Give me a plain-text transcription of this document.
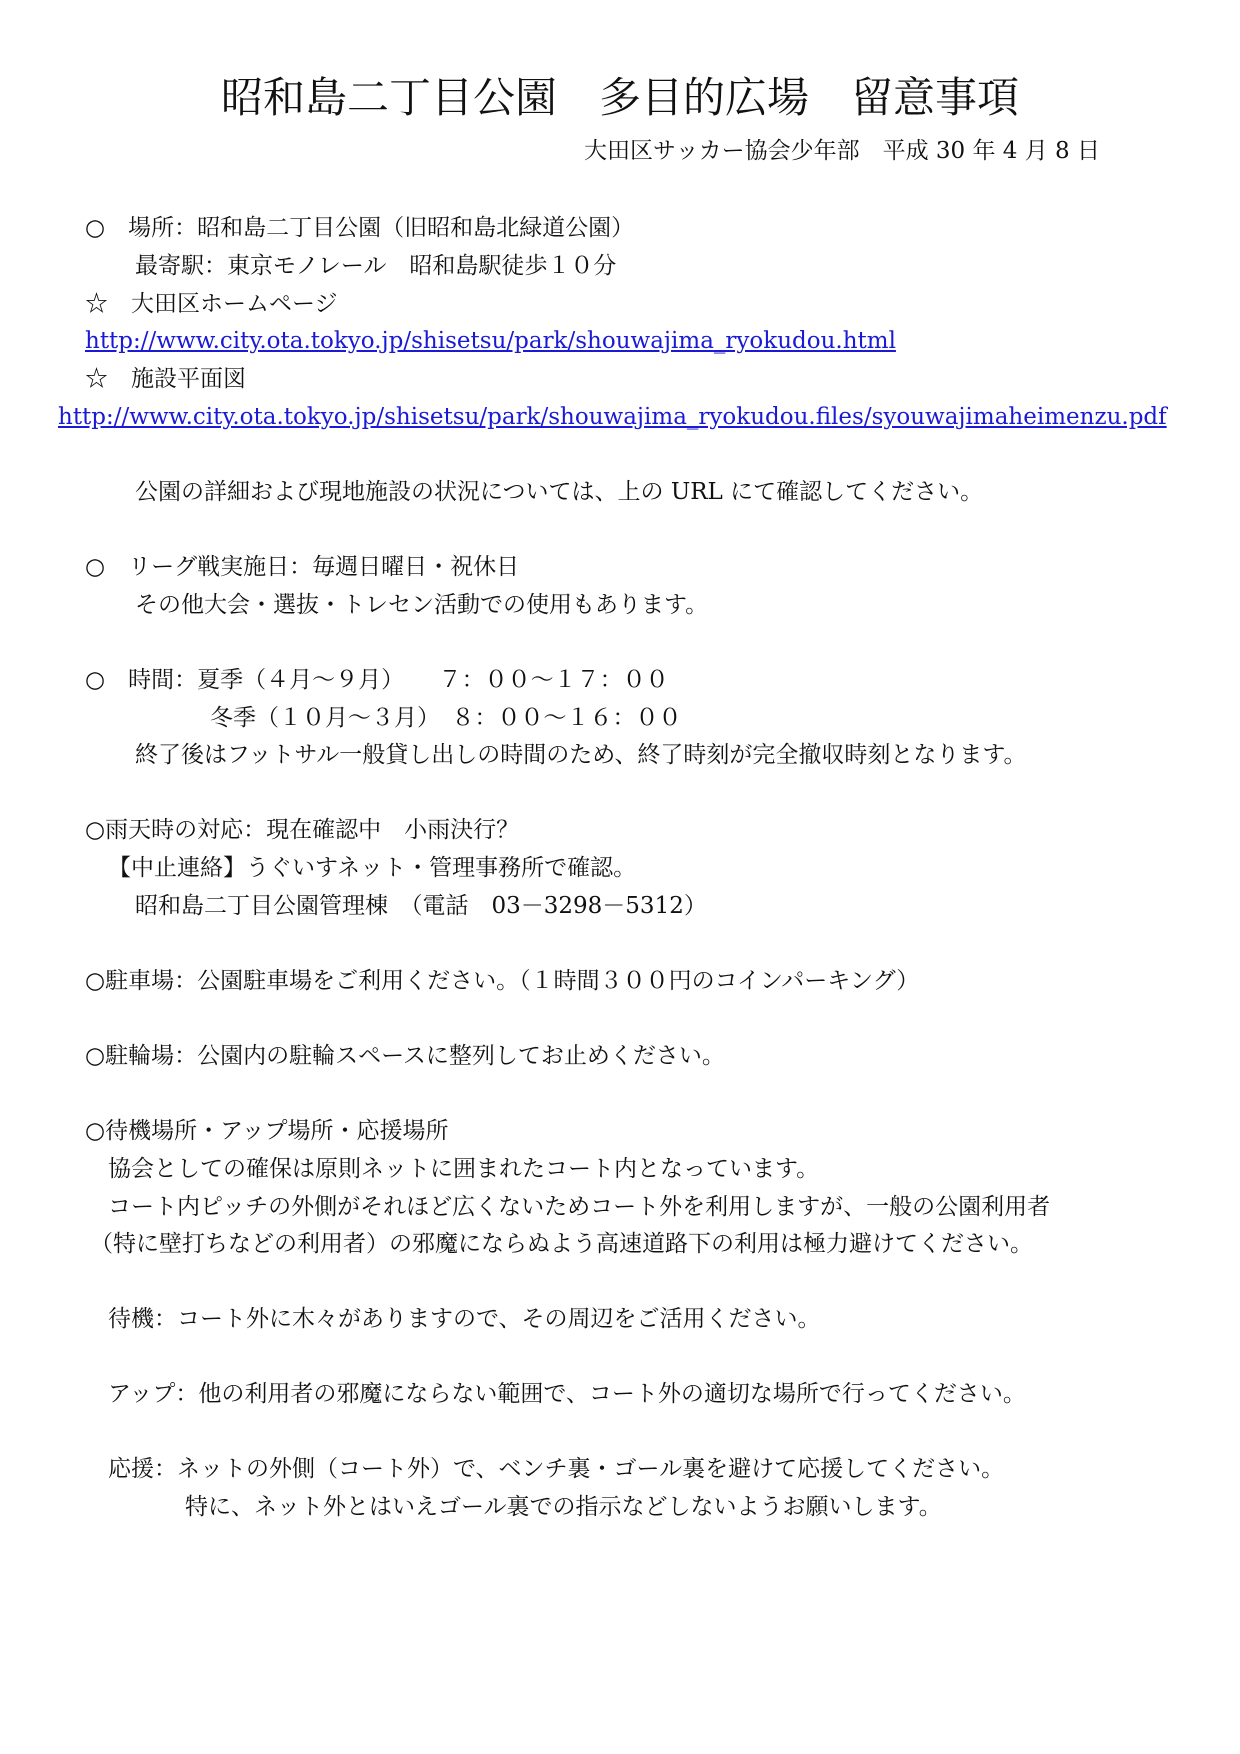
昭和島二丁目公園　多目的広場　留意事項
大田区サッカー協会少年部　平成 30 年 4 月 8 日
○　場所：昭和島二丁目公園（旧昭和島北緑道公園）
最寄駅：東京モノレール　昭和島駅徒歩１０分
☆　大田区ホームページ
http://www.city.ota.tokyo.jp/shisetsu/park/shouwajima_ryokudou.html
☆　施設平面図
http://www.city.ota.tokyo.jp/shisetsu/park/shouwajima_ryokudou.files/syouwajimaheimenzu.pdf
公園の詳細および現地施設の状況については、上の URL にて確認してください。
○　リーグ戦実施日：毎週日曜日・祝休日
その他大会・選抜・トレセン活動での使用もあります。
○　時間：夏季（４月～９月）　　７：００～１７：００
冬季（１０月～３月）　８：００～１６：００
終了後はフットサル一般貸し出しの時間のため、終了時刻が完全撤収時刻となります。
○雨天時の対応：現在確認中　小雨決行？
【中止連絡】うぐいすネット・管理事務所で確認。
昭和島二丁目公園管理棟　（電話　03－3298－5312）
○駐車場：公園駐車場をご利用ください。（１時間３００円のコインパーキング）
○駐輪場：公園内の駐輪スペースに整列してお止めください。
○待機場所・アップ場所・応援場所
協会としての確保は原則ネットに囲まれたコート内となっています。
コート内ピッチの外側がそれほど広くないためコート外を利用しますが、一般の公園利用者
（特に壁打ちなどの利用者）の邪魔にならぬよう高速道路下の利用は極力避けてください。
待機：コート外に木々がありますので、その周辺をご活用ください。
アップ：他の利用者の邪魔にならない範囲で、コート外の適切な場所で行ってください。
応援：ネットの外側（コート外）で、ベンチ裏・ゴール裏を避けて応援してください。
特に、ネット外とはいえゴール裏での指示などしないようお願いします。
